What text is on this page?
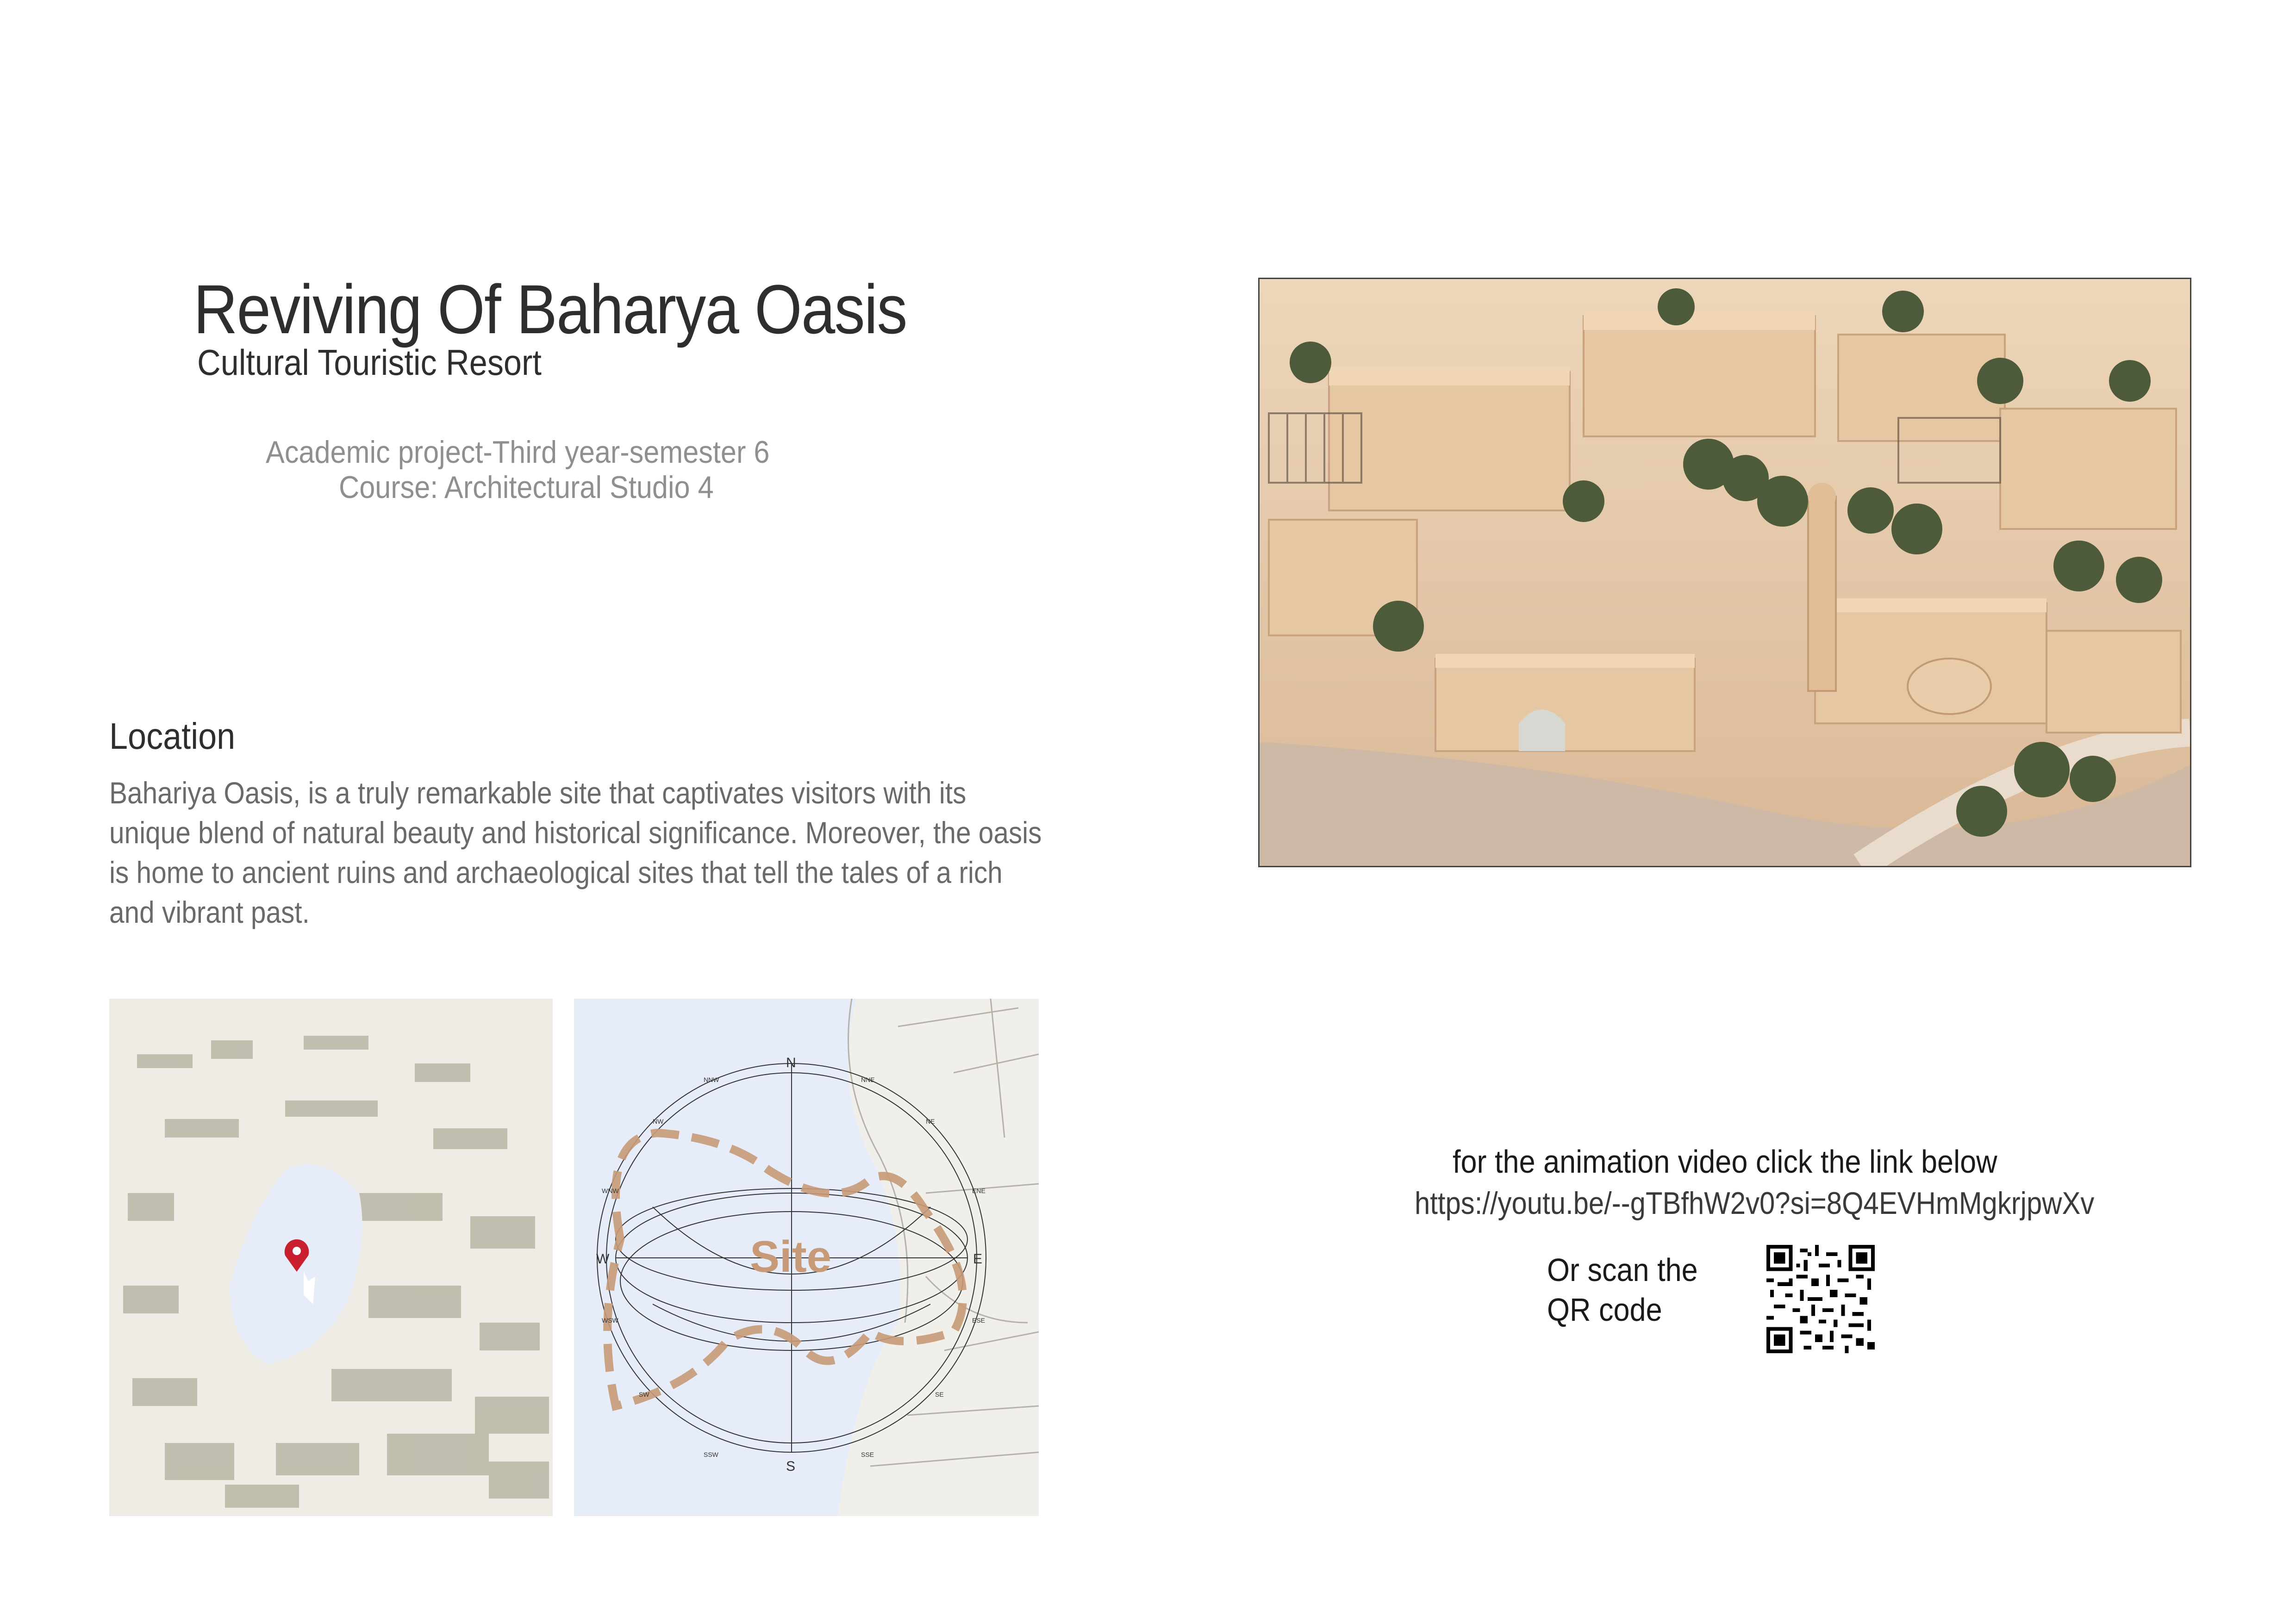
Reviving Of Baharya Oasis
Cultural Touristic Resort
Academic project-Third year-semester 6
Course: Architectural Studio 4
Location
Bahariya Oasis, is a truly remarkable site that captivates visitors with its unique blend of natural beauty and historical significance. Moreover, the oasis is home to ancient ruins and archaeological sites that tell the tales of a rich and vibrant past.
Site
N
S
E
W
NNW	NNE
NW	NE
WNW	ENE
WSW	ESE
SW	SE
SSW	SSE
for the animation video click the link below
https://youtu.be/--gTBfhW2v0?si=8Q4EVHmMgkrjpwXv
Or scan the
QR code
